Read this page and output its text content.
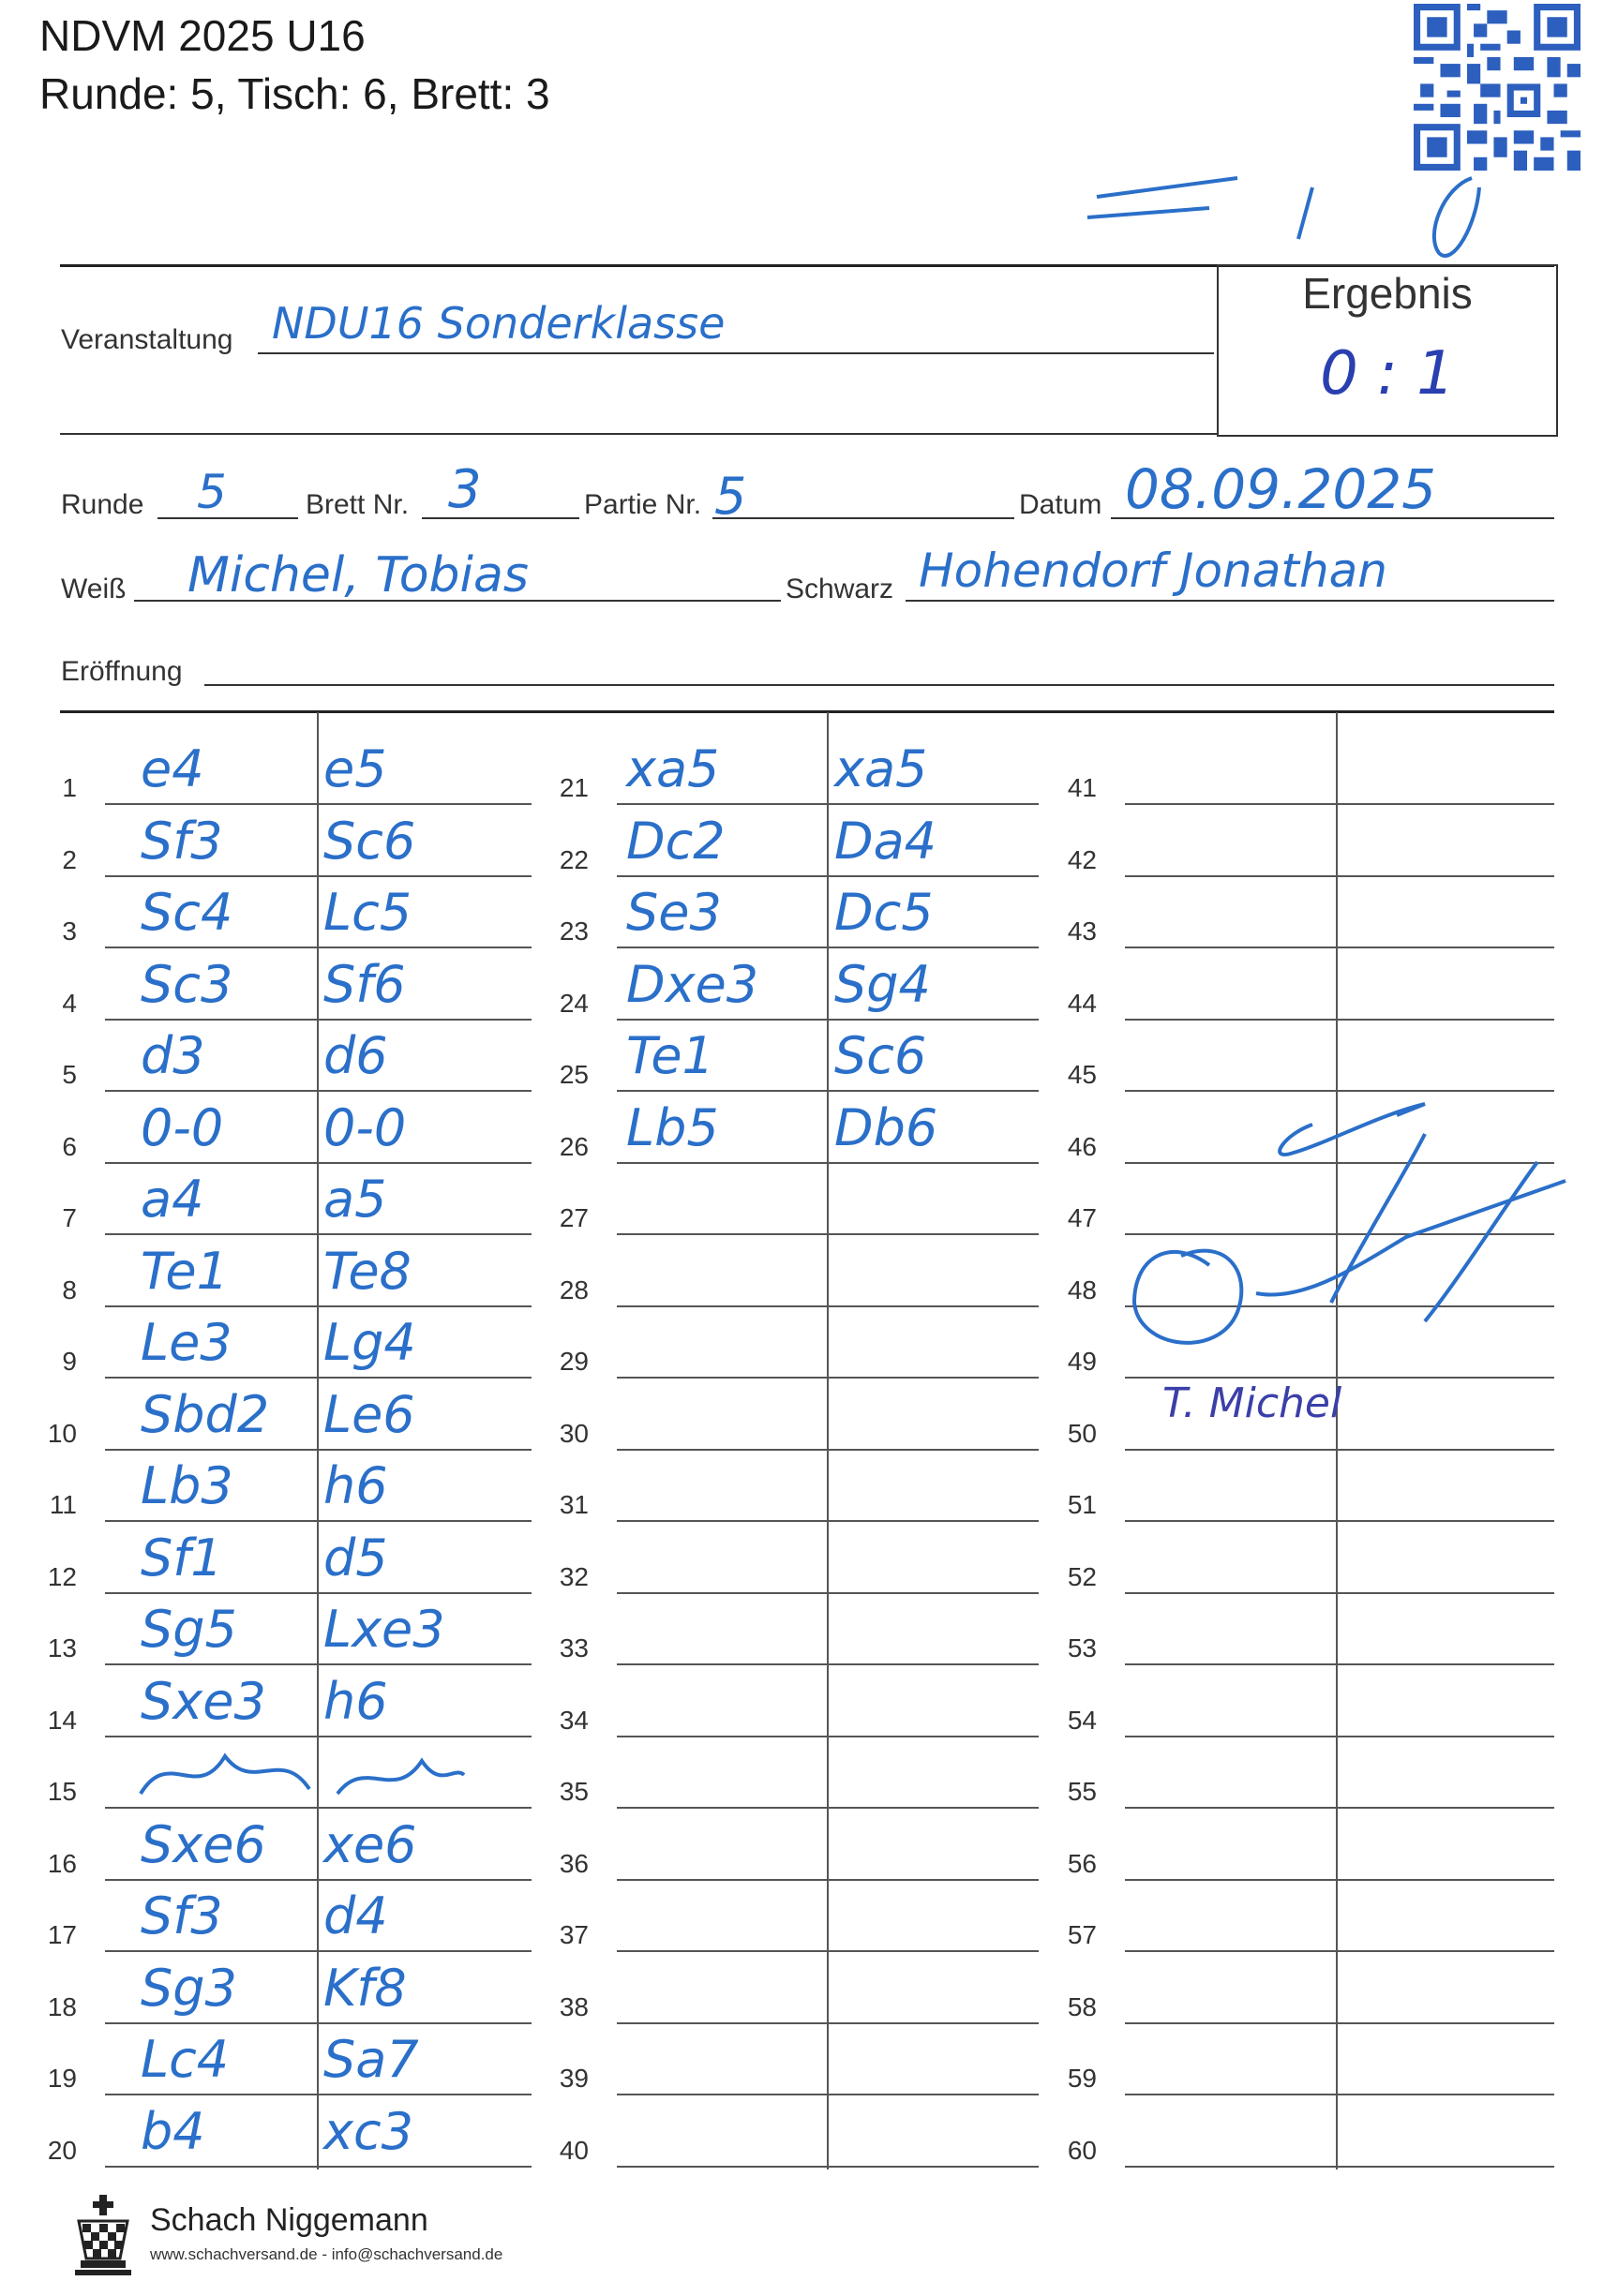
NDVM 2025 U16
Runde: 5, Tisch: 6, Brett: 3
Veranstaltung NDU16 Sonderklasse
Ergebnis
0 : 1
Runde 5	Brett Nr. 3	Partie Nr. 5	Datum 08.09.2025
Weiß Michel, Tobias	Schwarz Hohendorf Jonathan
Eröffnung
1 e4 e5
2 Sf3 Sc6
3 Sc4 Lc5
4 Sc3 Sf6
5 d3 d6
6 0-0 0-0
7 a4 a5
8 Te1 Te8
9 Le3 Lg4
10 Sbd2 Le6
11 Lb3 h6
12 Sf1 d5
13 Sg5 Lxe3
14 Sxe3 h6
15
16 Sxe6 xe6
17 Sf3 d4
18 Sg3 Kf8
19 Lc4 Sa7
20 b4 xc3
21 xa5 xa5
22 Dc2 Da4
23 Se3 Dc5
24 Dxe3 Sg4
25 Te1 Sc6
26 Lb5 Db6
27
28
29
30
31
32
33
34
35
36
37
38
39
40
41
42
43
44
45
46
47
48
49
50
51
52
53
54
55
56
57
58
59
60
T. Michel
Schach Niggemann
www.schachversand.de - info@schachversand.de
